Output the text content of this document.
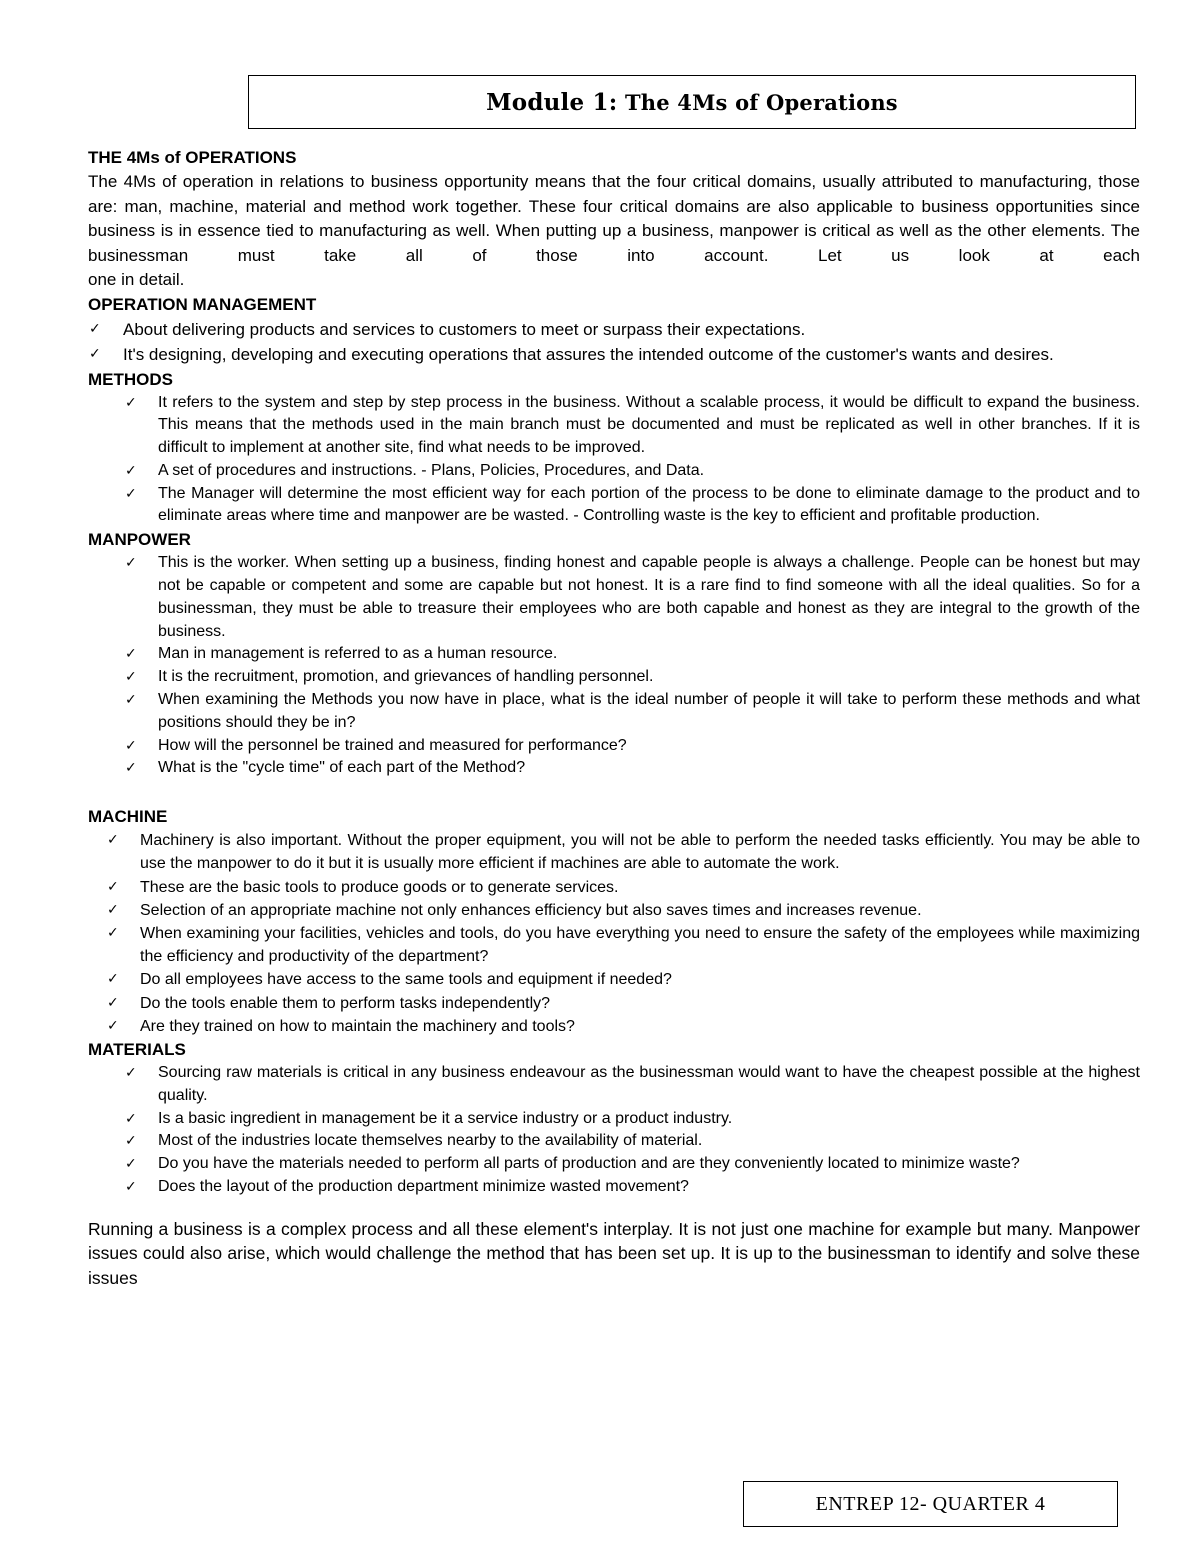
Module 1: The 4Ms of Operations

THE 4Ms of OPERATIONS

The 4Ms of operation in relations to business opportunity means that the four critical domains, usually attributed to manufacturing, those are: man, machine, material and method work together. These four critical domains are also applicable to business opportunities since business is in essence tied to manufacturing as well. When putting up a business, manpower is critical as well as the other elements. The businessman must take all of those into account. Let us look at each

one in detail.

OPERATION MANAGEMENT

✓ About delivering products and services to customers to meet or surpass their expectations.
✓ It's designing, developing and executing operations that assures the intended outcome of the customer's wants and desires.

METHODS

✓ It refers to the system and step by step process in the business. Without a scalable process, it would be difficult to expand the business. This means that the methods used in the main branch must be documented and must be replicated as well in other branches. If it is difficult to implement at another site, find what needs to be improved.
✓ A set of procedures and instructions. - Plans, Policies, Procedures, and Data.
✓ The Manager will determine the most efficient way for each portion of the process to be done to eliminate damage to the product and to eliminate areas where time and manpower are be wasted. - Controlling waste is the key to efficient and profitable production.

MANPOWER

✓ This is the worker. When setting up a business, finding honest and capable people is always a challenge. People can be honest but may not be capable or competent and some are capable but not honest. It is a rare find to find someone with all the ideal qualities. So for a businessman, they must be able to treasure their employees who are both capable and honest as they are integral to the growth of the business.
✓ Man in management is referred to as a human resource.
✓ It is the recruitment, promotion, and grievances of handling personnel.
✓ When examining the Methods you now have in place, what is the ideal number of people it will take to perform these methods and what positions should they be in?
✓ How will the personnel be trained and measured for performance?
✓ What is the "cycle time" of each part of the Method?

MACHINE

✓ Machinery is also important. Without the proper equipment, you will not be able to perform the needed tasks efficiently. You may be able to use the manpower to do it but it is usually more efficient if machines are able to automate the work.
✓ These are the basic tools to produce goods or to generate services.
✓ Selection of an appropriate machine not only enhances efficiency but also saves times and increases revenue.
✓ When examining your facilities, vehicles and tools, do you have everything you need to ensure the safety of the employees while maximizing the efficiency and productivity of the department?
✓ Do all employees have access to the same tools and equipment if needed?
✓ Do the tools enable them to perform tasks independently?
✓ Are they trained on how to maintain the machinery and tools?

MATERIALS

✓ Sourcing raw materials is critical in any business endeavour as the businessman would want to have the cheapest possible at the highest quality.
✓ Is a basic ingredient in management be it a service industry or a product industry.
✓ Most of the industries locate themselves nearby to the availability of material.
✓ Do you have the materials needed to perform all parts of production and are they conveniently located to minimize waste?
✓ Does the layout of the production department minimize wasted movement?

Running a business is a complex process and all these element's interplay. It is not just one machine for example but many. Manpower issues could also arise, which would challenge the method that has been set up. It is up to the businessman to identify and solve these issues

ENTREP 12- QUARTER 4
